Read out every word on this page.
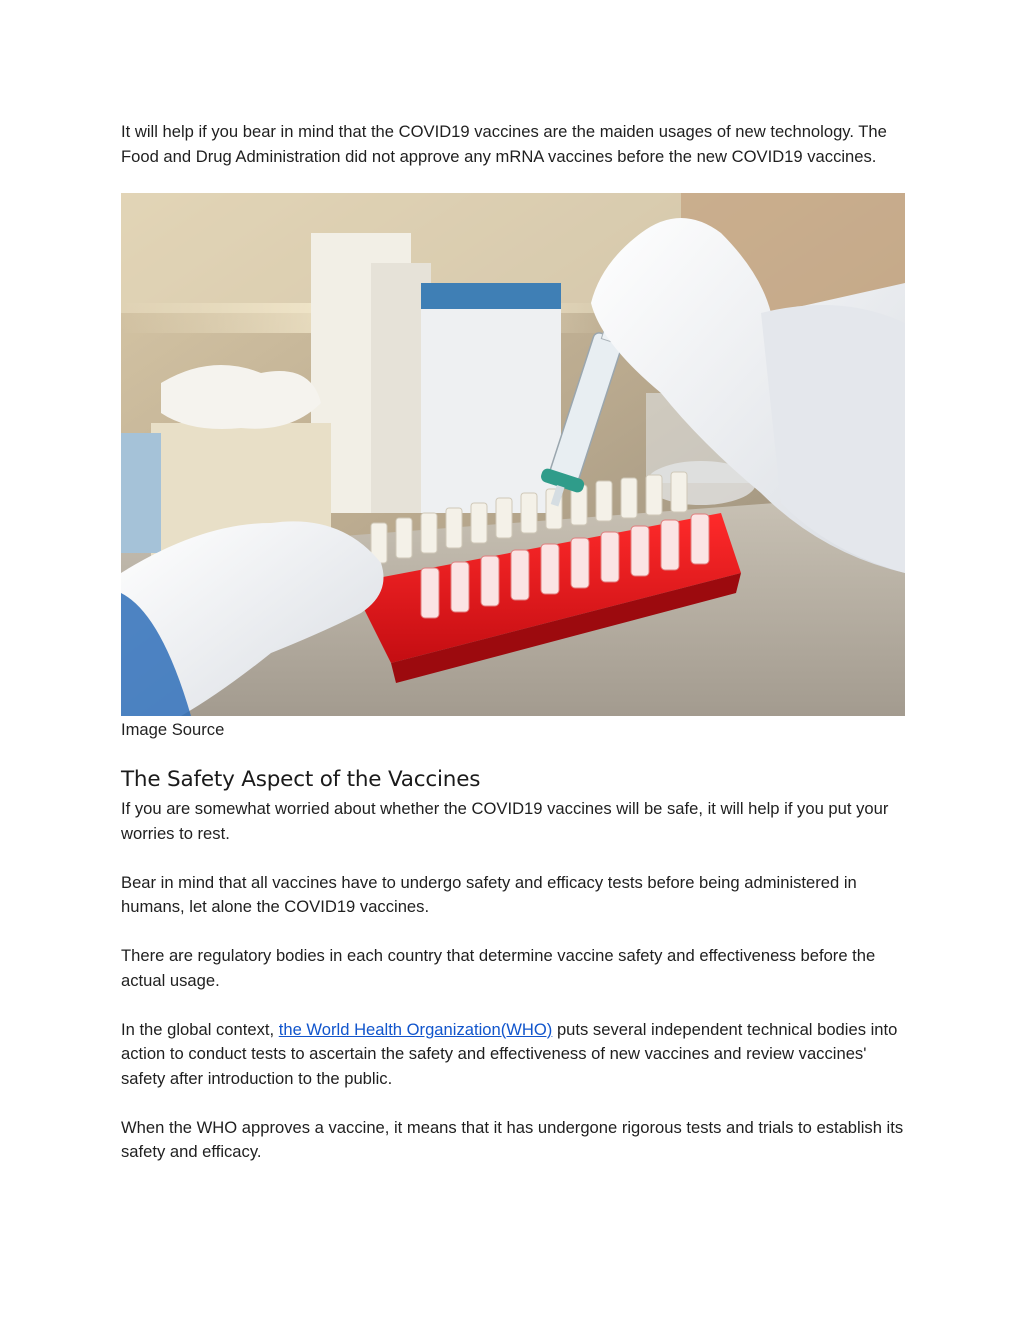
It will help if you bear in mind that the COVID19 vaccines are the maiden usages of new technology. The Food and Drug Administration did not approve any mRNA vaccines before the new COVID19 vaccines.

Image Source

The Safety Aspect of the Vaccines

If you are somewhat worried about whether the COVID19 vaccines will be safe, it will help if you put your worries to rest.

Bear in mind that all vaccines have to undergo safety and efficacy tests before being administered in humans, let alone the COVID19 vaccines.

There are regulatory bodies in each country that determine vaccine safety and effectiveness before the actual usage.

In the global context, the World Health Organization(WHO) puts several independent technical bodies into action to conduct tests to ascertain the safety and effectiveness of new vaccines and review vaccines' safety after introduction to the public.

When the WHO approves a vaccine, it means that it has undergone rigorous tests and trials to establish its safety and efficacy.
